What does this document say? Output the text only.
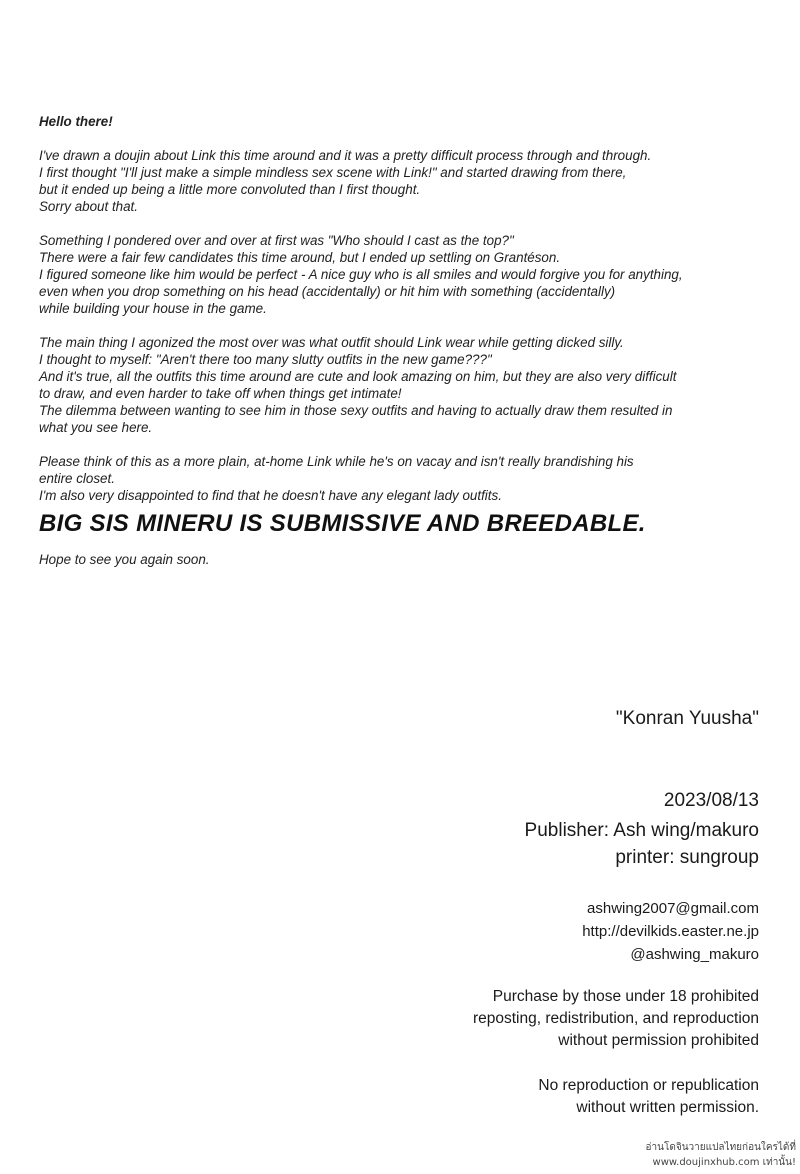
Hello there!
I've drawn a doujin about Link this time around and it was a pretty difficult process through and through.
I first thought "I'll just make a simple mindless sex scene with Link!" and started drawing from there,
but it ended up being a little more convoluted than I first thought.
Sorry about that.
Something I pondered over and over at first was "Who should I cast as the top?"
There were a fair few candidates this time around, but I ended up settling on Grantéson.
I figured someone like him would be perfect - A nice guy who is all smiles and would forgive you for anything,
even when you drop something on his head (accidentally) or hit him with something (accidentally)
while building your house in the game.
The main thing I agonized the most over was what outfit should Link wear while getting dicked silly.
I thought to myself: "Aren't there too many slutty outfits in the new game???"
And it's true, all the outfits this time around are cute and look amazing on him, but they are also very difficult
to draw, and even harder to take off when things get intimate!
The dilemma between wanting to see him in those sexy outfits and having to actually draw them resulted in
what you see here.
Please think of this as a more plain, at-home Link while he's on vacay and isn't really brandishing his
entire closet.
I'm also very disappointed to find that he doesn't have any elegant lady outfits.
BIG SIS MINERU IS SUBMISSIVE AND BREEDABLE.
Hope to see you again soon.
"Konran Yuusha"
2023/08/13
Publisher: Ash wing/makuro
printer: sungroup
ashwing2007@gmail.com
http://devilkids.easter.ne.jp
@ashwing_makuro
Purchase by those under 18 prohibited
reposting, redistribution, and reproduction
without permission prohibited
No reproduction or republication
without written permission.
อ่านโดจินวายแปลไทยก่อนใครได้ที่
www.doujinxhub.com เท่านั้น!
